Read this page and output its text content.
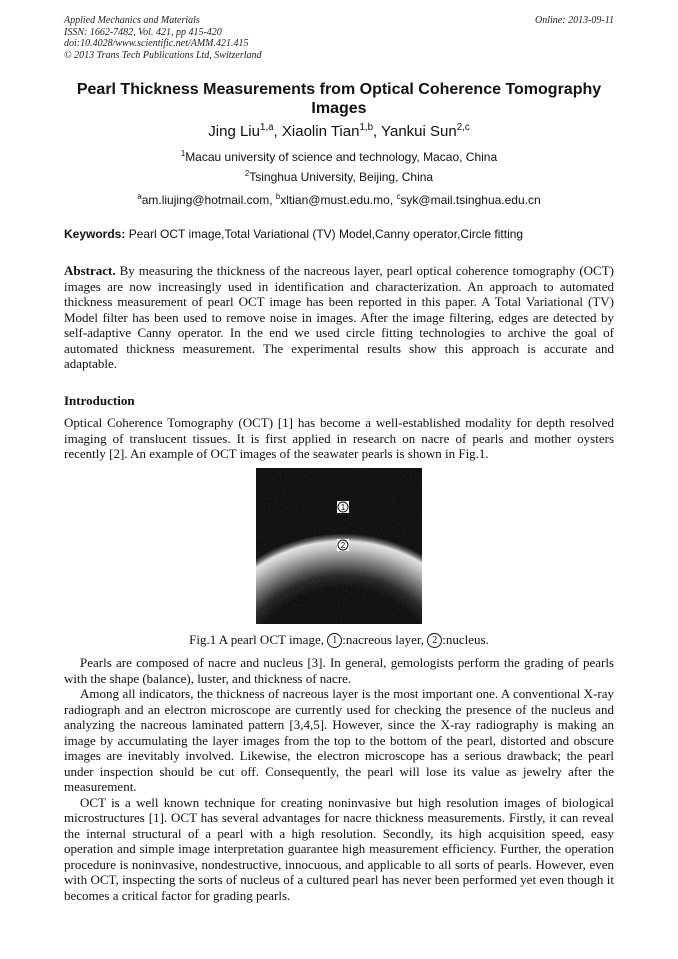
Applied Mechanics and Materials
ISSN: 1662-7482, Vol. 421, pp 415-420
doi:10.4028/www.scientific.net/AMM.421.415
© 2013 Trans Tech Publications Ltd, Switzerland
Online: 2013-09-11
Pearl Thickness Measurements from Optical Coherence Tomography Images
Jing Liu$^{1,a}$, Xiaolin Tian$^{1,b}$, Yankui Sun$^{2,c}$
$^1$Macau university of science and technology, Macao, China
$^2$Tsinghua University, Beijing, China
$^a$am.liujing@hotmail.com, $^b$xltian@must.edu.mo, $^c$syk@mail.tsinghua.edu.cn
Keywords: Pearl OCT image,Total Variational (TV) Model,Canny operator,Circle fitting
Abstract. By measuring the thickness of the nacreous layer, pearl optical coherence tomography (OCT) images are now increasingly used in identification and characterization. An approach to automated thickness measurement of pearl OCT image has been reported in this paper. A Total Variational (TV) Model filter has been used to remove noise in images. After the image filtering, edges are detected by self-adaptive Canny operator. In the end we used circle fitting technologies to archive the goal of automated thickness measurement. The experimental results show this approach is accurate and adaptable.
Introduction
Optical Coherence Tomography (OCT) [1] has become a well-established modality for depth resolved imaging of translucent tissues. It is first applied in research on nacre of pearls and mother oysters recently [2]. An example of OCT images of the seawater pearls is shown in Fig.1.
1
2
Fig.1 A pearl OCT image, 1 :nacreous layer, 2 :nucleus.

Pearls are composed of nacre and nucleus [3]. In general, gemologists perform the grading of pearls with the shape (balance), luster, and thickness of nacre.

Among all indicators, the thickness of nacreous layer is the most important one. A conventional X-ray radiograph and an electron microscope are currently used for checking the presence of the nucleus and analyzing the nacreous laminated pattern [3,4,5]. However, since the X-ray radiography is making an image by accumulating the layer images from the top to the bottom of the pearl, distorted and obscure images are inevitably involved. Likewise, the electron microscope has a serious drawback; the pearl under inspection should be cut off. Consequently, the pearl will lose its value as jewelry after the measurement.

OCT is a well known technique for creating noninvasive but high resolution images of biological microstructures [1]. OCT has several advantages for nacre thickness measurements. Firstly, it can reveal the internal structural of a pearl with a high resolution. Secondly, its high acquisition speed, easy operation and simple image interpretation guarantee high measurement efficiency. Further, the operation procedure is noninvasive, nondestructive, innocuous, and applicable to all sorts of pearls. However, even with OCT, inspecting the sorts of nucleus of a cultured pearl has never been performed yet even though it becomes a critical factor for grading pearls.
